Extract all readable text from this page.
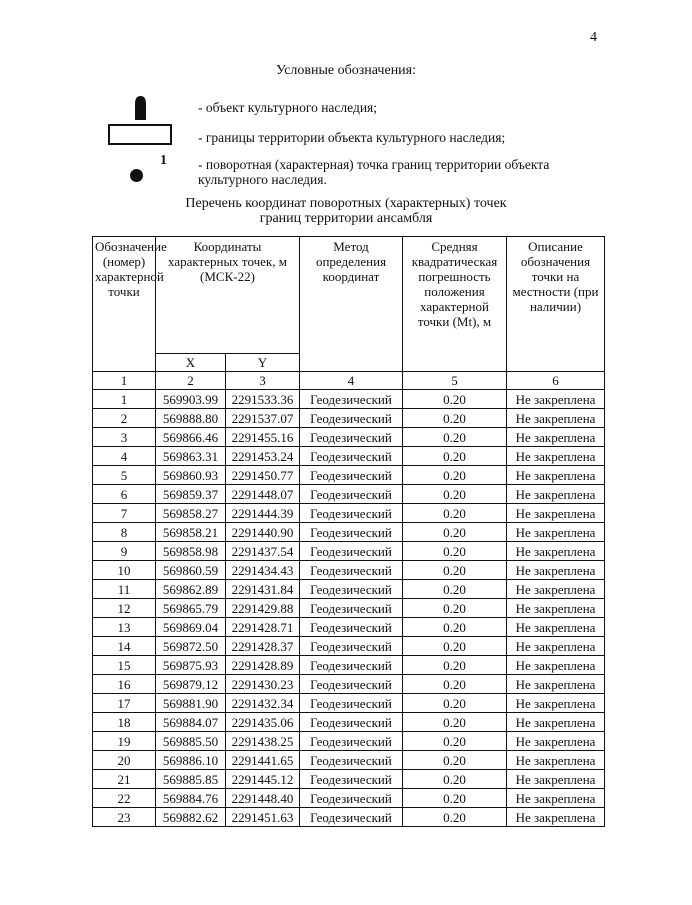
4
Условные обозначения:
- объект культурного наследия;
- границы территории объекта культурного наследия;
1 - поворотная (характерная) точка границ территории объекта
культурного наследия.
Перечень координат поворотных (характерных) точек
границ территории ансамбля
Обозначение (номер) характерной точки	Координаты характерных точек, м (МСК-22)		Метод определения координат	Средняя квадратическая погрешность положения характерной точки (Mt), м	Описание обозначения точки на местности (при наличии)
	X	Y			
1	2	3	4	5	6
1	569903.99	2291533.36	Геодезический	0.20	Не закреплена
2	569888.80	2291537.07	Геодезический	0.20	Не закреплена
3	569866.46	2291455.16	Геодезический	0.20	Не закреплена
4	569863.31	2291453.24	Геодезический	0.20	Не закреплена
5	569860.93	2291450.77	Геодезический	0.20	Не закреплена
6	569859.37	2291448.07	Геодезический	0.20	Не закреплена
7	569858.27	2291444.39	Геодезический	0.20	Не закреплена
8	569858.21	2291440.90	Геодезический	0.20	Не закреплена
9	569858.98	2291437.54	Геодезический	0.20	Не закреплена
10	569860.59	2291434.43	Геодезический	0.20	Не закреплена
11	569862.89	2291431.84	Геодезический	0.20	Не закреплена
12	569865.79	2291429.88	Геодезический	0.20	Не закреплена
13	569869.04	2291428.71	Геодезический	0.20	Не закреплена
14	569872.50	2291428.37	Геодезический	0.20	Не закреплена
15	569875.93	2291428.89	Геодезический	0.20	Не закреплена
16	569879.12	2291430.23	Геодезический	0.20	Не закреплена
17	569881.90	2291432.34	Геодезический	0.20	Не закреплена
18	569884.07	2291435.06	Геодезический	0.20	Не закреплена
19	569885.50	2291438.25	Геодезический	0.20	Не закреплена
20	569886.10	2291441.65	Геодезический	0.20	Не закреплена
21	569885.85	2291445.12	Геодезический	0.20	Не закреплена
22	569884.76	2291448.40	Геодезический	0.20	Не закреплена
23	569882.62	2291451.63	Геодезический	0.20	Не закреплена
